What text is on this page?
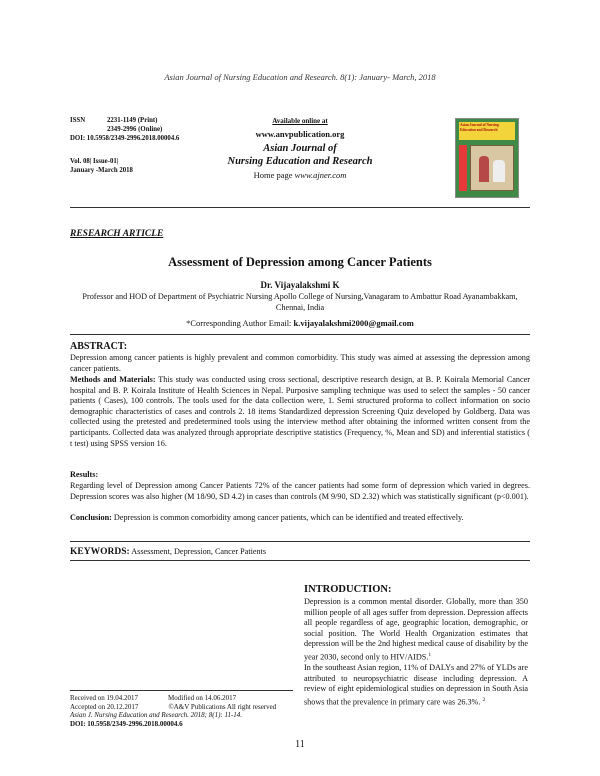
Asian Journal of Nursing Education and Research. 8(1): January- March, 2018
ISSN	2231‑1149 (Print)
2349-2996 (Online)
DOI: 10.5958/2349-2996.2018.00004.6
Vol. 08| Issue-01|
January -March 2018
Available online at
www.anvpublication.org
Asian Journal of
Nursing Education and Research
Home page www.ajner.com
Asian Journal of Nursing Education and Research
RESEARCH ARTICLE
Assessment of Depression among Cancer Patients
Dr. Vijayalakshmi K
Professor and HOD of Department of Psychiatric Nursing Apollo College of Nursing,Vanagaram to Ambattur Road Ayanambakkam, Chennai, India
*Corresponding Author Email: k.vijayalakshmi2000@gmail.com
ABSTRACT:
Depression among cancer patients is highly prevalent and common comorbidity. This study was aimed at assessing the depression among cancer patients.
Methods and Materials: This study was conducted using cross sectional, descriptive research design, at B. P. Koirala Memorial Cancer hospital and B. P. Koirala Institute of Health Sciences in Nepal. Purposive sampling technique was used to select the samples - 50 cancer patients ( Cases), 100 controls. The tools used for the data collection were, 1. Semi structured proforma to collect information on socio demographic characteristics of cases and controls 2. 18 items Standardized depression Screening Quiz developed by Goldberg. Data was collected using the pretested and predetermined tools using the interview method after obtaining the informed written consent from the participants. Collected data was analyzed through appropriate descriptive statistics (Frequency, %, Mean and SD) and inferential statistics ( t test) using SPSS version 16.
Results:
Regarding level of Depression among Cancer Patients 72% of the cancer patients had some form of depression which varied in degrees. Depression scores was also higher (M 18/90, SD 4.2) in cases than controls (M 9/90, SD 2.32) which was statistically significant (p<0.001).
Conclusion: Depression is common comorbidity among cancer patients, which can be identified and treated effectively.
KEYWORDS: Assessment, Depression, Cancer Patients
INTRODUCTION:
Depression is a common mental disorder. Globally, more than 350 million people of all ages suffer from depression. Depression affects all people regardless of age, geographic location, demographic, or social position. The World Health Organization estimates that depression will be the 2nd highest medical cause of disability by the year 2030, second only to HIV/AIDS.$^1$
In the southeast Asian region, 11% of DALYs and 27% of YLDs are attributed to neuropsychiatric disease including depression. A review of eight epidemiological studies on depression in South Asia shows that the prevalence in primary care was 26.3%. $^2$
Received on 19.04.2017	Modified on 14.06.2017
Accepted on 20.12.2017	©A&V Publications All right reserved
Asian J. Nursing Education and Research. 2018; 8(1): 11-14.
DOI: 10.5958/2349-2996.2018.00004.6
11
